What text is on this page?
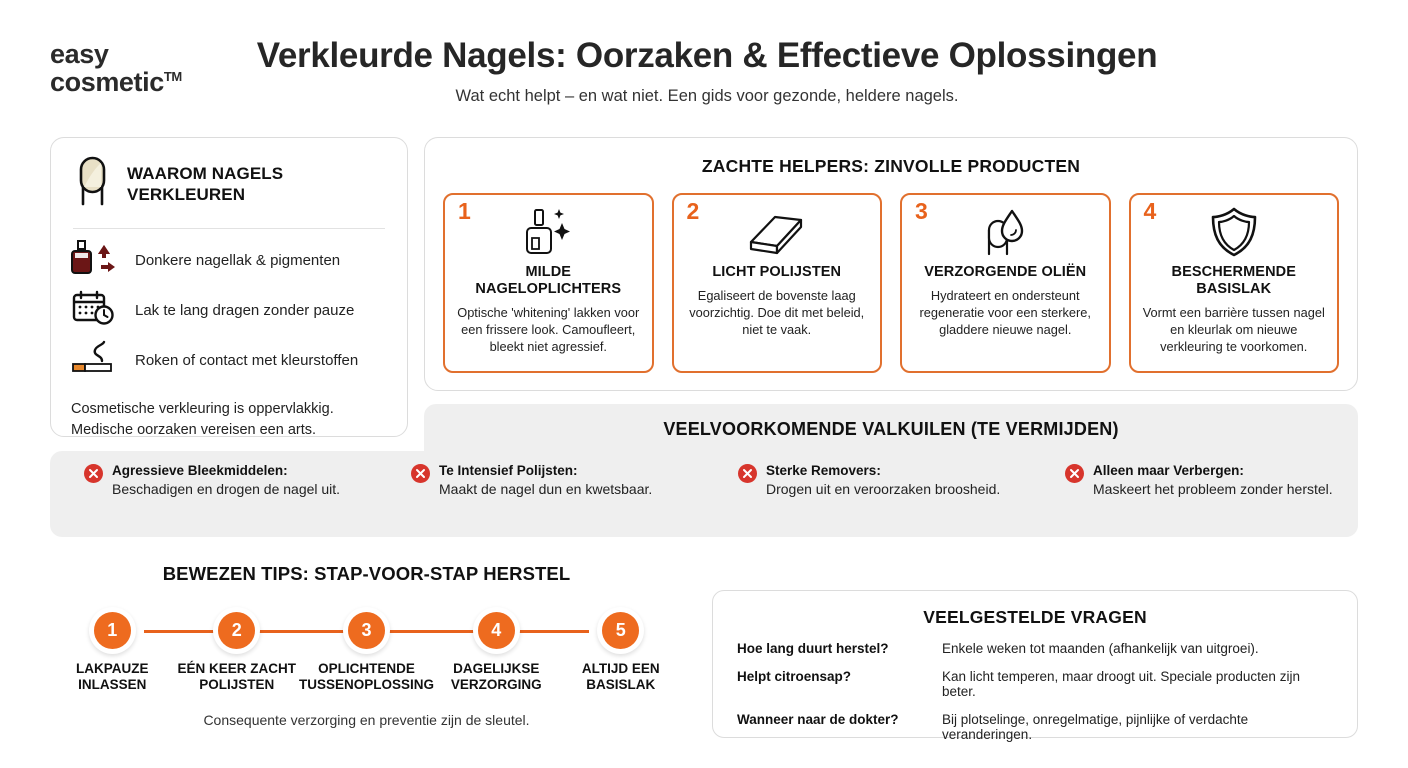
easy
cosmetic™
Verkleurde Nagels: Oorzaken & Effectieve Oplossingen
Wat echt helpt – en wat niet. Een gids voor gezonde, heldere nagels.
WAAROM NAGELS VERKLEUREN
Donkere nagellak & pigmenten
Lak te lang dragen zonder pauze
Roken of contact met kleurstoffen
Cosmetische verkleuring is oppervlakkig.
Medische oorzaken vereisen een arts.
ZACHTE HELPERS: ZINVOLLE PRODUCTEN
1
MILDE NAGELOPLICHTERS
Optische 'whitening' lakken voor een frissere look. Camoufleert, bleekt niet agressief.
2
LICHT POLIJSTEN
Egaliseert de bovenste laag voorzichtig. Doe dit met beleid, niet te vaak.
3
VERZORGENDE OLIËN
Hydrateert en ondersteunt regeneratie voor een sterkere, gladdere nieuwe nagel.
4
BESCHERMENDE BASISLAK
Vormt een barrière tussen nagel en kleurlak om nieuwe verkleuring te voorkomen.
VEELVOORKOMENDE VALKUILEN (TE VERMIJDEN)
Agressieve Bleekmiddelen:
Beschadigen en drogen de nagel uit.
Te Intensief Polijsten:
Maakt de nagel dun en kwetsbaar.
Sterke Removers:
Drogen uit en veroorzaken broosheid.
Alleen maar Verbergen:
Maskeert het probleem zonder herstel.
BEWEZEN TIPS: STAP-VOOR-STAP HERSTEL
1
LAKPAUZE INLASSEN
2
EÉN KEER ZACHT POLIJSTEN
3
OPLICHTENDE TUSSENOPLOSSING
4
DAGELIJKSE VERZORGING
5
ALTIJD EEN BASISLAK
Consequente verzorging en preventie zijn de sleutel.
VEELGESTELDE VRAGEN
Hoe lang duurt herstel?	Enkele weken tot maanden (afhankelijk van uitgroei).
Helpt citroensap?	Kan licht temperen, maar droogt uit. Speciale producten zijn beter.
Wanneer naar de dokter?	Bij plotselinge, onregelmatige, pijnlijke of verdachte veranderingen.
